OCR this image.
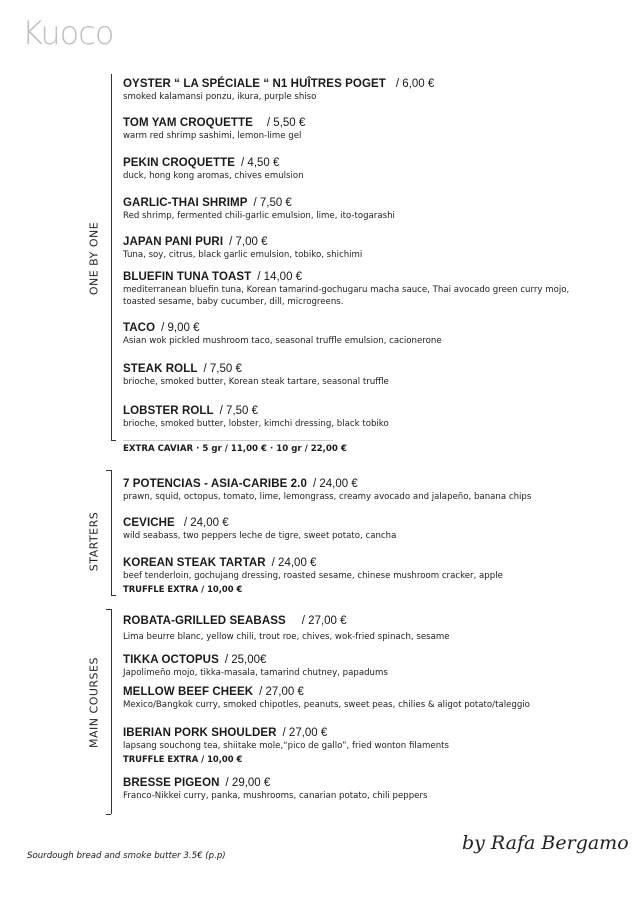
Kuoco
ONE BY ONE
STARTERS
MAIN COURSES
OYSTER “ LA SPÉCIALE “ N1 HUÎTRES POGET / 6,00 €
smoked kalamansi ponzu, ikura, purple shiso
TOM YAM CROQUETTE / 5,50 €
warm red shrimp sashimi, lemon-lime gel
PEKIN CROQUETTE / 4,50 €
duck, hong kong aromas, chives emulsion
GARLIC-THAI SHRIMP / 7,50 €
Red shrimp, fermented chili-garlic emulsion, lime, ito-togarashi
JAPAN PANI PURI / 7,00 €
Tuna, soy, citrus, black garlic emulsion, tobiko, shichimi
BLUEFIN TUNA TOAST / 14,00 €
mediterranean bluefin tuna, Korean tamarind-gochugaru macha sauce, Thai avocado green curry mojo, toasted sesame, baby cucumber, dill, microgreens.
TACO / 9,00 €
Asian wok pickled mushroom taco, seasonal truffle emulsion, cacionerone
STEAK ROLL / 7,50 €
brioche, smoked butter, Korean steak tartare, seasonal truffle
LOBSTER ROLL / 7,50 €
brioche, smoked butter, lobster, kimchi dressing, black tobiko
EXTRA CAVIAR · 5 gr / 11,00 € · 10 gr / 22,00 €
7 POTENCIAS - ASIA-CARIBE 2.0 / 24,00 €
prawn, squid, octopus, tomato, lime, lemongrass, creamy avocado and jalapeño, banana chips
CEVICHE / 24,00 €
wild seabass, two peppers leche de tigre, sweet potato, cancha
KOREAN STEAK TARTAR / 24,00 €
beef tenderloin, gochujang dressing, roasted sesame, chinese mushroom cracker, apple
TRUFFLE EXTRA / 10,00 €
ROBATA-GRILLED SEABASS / 27,00 €
Lima beurre blanc, yellow chili, trout roe, chives, wok-fried spinach, sesame
TIKKA OCTOPUS / 25,00€
Japolimeño mojo, tikka-masala, tamarind chutney, papadums
MELLOW BEEF CHEEK / 27,00 €
Mexico/Bangkok curry, smoked chipotles, peanuts, sweet peas, chilies & aligot potato/taleggio
IBERIAN PORK SHOULDER / 27,00 €
lapsang souchong tea, shiitake mole,“pico de gallo”, fried wonton filaments
TRUFFLE EXTRA / 10,00 €
BRESSE PIGEON / 29,00 €
Franco-Nikkei curry, panka, mushrooms, canarian potato, chili peppers
Sourdough bread and smoke butter 3.5€ (p.p)
by Rafa Bergamo
